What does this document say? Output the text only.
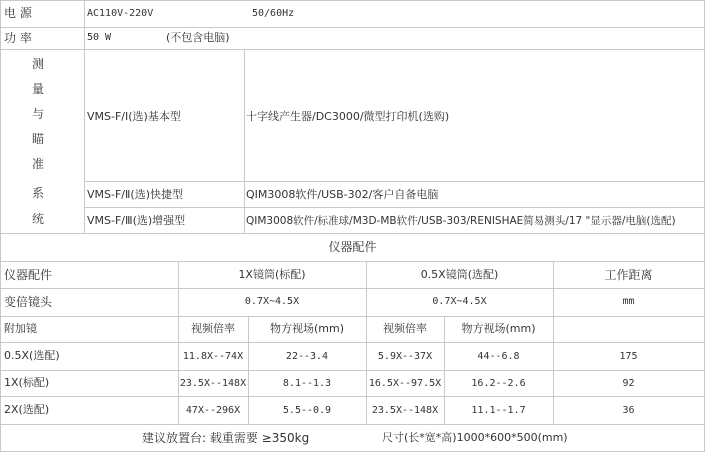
电 源	AC110V-220V	50/60Hz
功 率	50 W	(不包含电脑)
测
量
与
瞄
准
系
统
VMS-F/Ⅰ(选)基本型	十字线产生器/DC3000/微型打印机(选购)
VMS-F/Ⅱ(选)快捷型	QIM3008软件/USB-302/客户自备电脑
VMS-F/Ⅲ(选)增强型	QIM3008软件/标准球/M3D-MB软件/USB-303/RENISHAE简易测头/17 "显示器/电脑(选配)
仪器配件
仪器配件	1X镜筒(标配)	0.5X镜筒(选配)	工作距离
变倍镜头	0.7X~4.5X	0.7X~4.5X	mm
附加镜	视频倍率	物方视场(mm)	视频倍率	物方视场(mm)
0.5X(选配)	11.8X--74X	22--3.4	5.9X--37X	44--6.8	175
1X(标配)	23.5X--148X	8.1--1.3	16.5X--97.5X	16.2--2.6	92
2X(选配)	47X--296X	5.5--0.9	23.5X--148X	11.1--1.7	36
建议放置台: 载重需要 ≥350kg	尺寸(长*宽*高)1000*600*500(mm)
